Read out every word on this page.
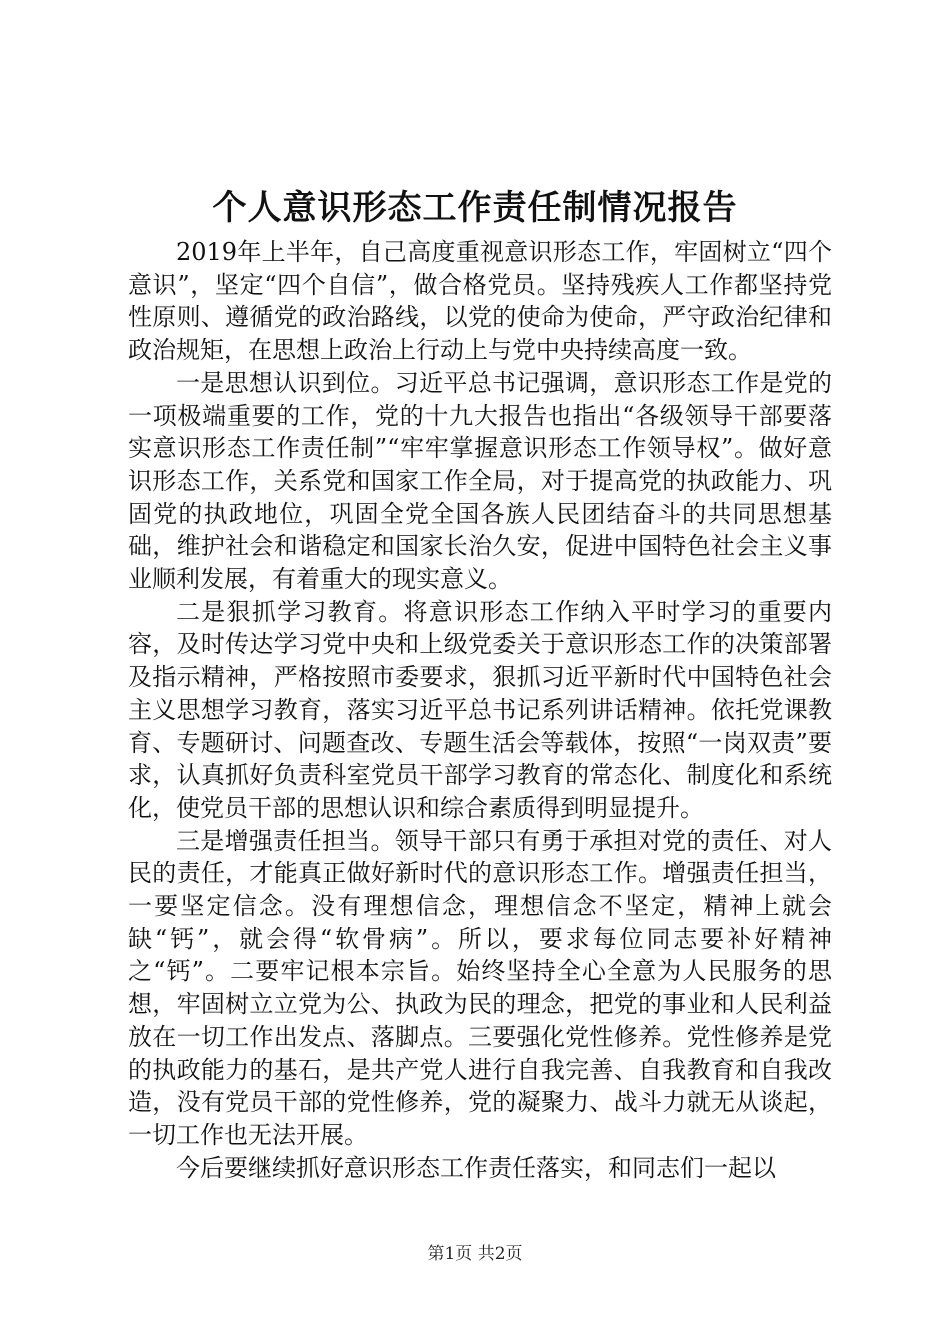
个人意识形态工作责任制情况报告

2019年上半年，自己高度重视意识形态工作，牢固树立“四个意识”，坚定“四个自信”，做合格党员。坚持残疾人工作都坚持党性原则、遵循党的政治路线，以党的使命为使命，严守政治纪律和政治规矩，在思想上政治上行动上与党中央持续高度一致。

一是思想认识到位。习近平总书记强调，意识形态工作是党的一项极端重要的工作，党的十九大报告也指出“各级领导干部要落实意识形态工作责任制”“牢牢掌握意识形态工作领导权”。做好意识形态工作，关系党和国家工作全局，对于提高党的执政能力、巩固党的执政地位，巩固全党全国各族人民团结奋斗的共同思想基础，维护社会和谐稳定和国家长治久安，促进中国特色社会主义事业顺利发展，有着重大的现实意义。

二是狠抓学习教育。将意识形态工作纳入平时学习的重要内容，及时传达学习党中央和上级党委关于意识形态工作的决策部署及指示精神，严格按照市委要求，狠抓习近平新时代中国特色社会主义思想学习教育，落实习近平总书记系列讲话精神。依托党课教育、专题研讨、问题查改、专题生活会等载体，按照“一岗双责”要求，认真抓好负责科室党员干部学习教育的常态化、制度化和系统化，使党员干部的思想认识和综合素质得到明显提升。

三是增强责任担当。领导干部只有勇于承担对党的责任、对人民的责任，才能真正做好新时代的意识形态工作。增强责任担当，一要坚定信念。没有理想信念，理想信念不坚定，精神上就会缺“钙”，就会得“软骨病”。所以，要求每位同志要补好精神之“钙”。二要牢记根本宗旨。始终坚持全心全意为人民服务的思想，牢固树立立党为公、执政为民的理念，把党的事业和人民利益放在一切工作出发点、落脚点。三要强化党性修养。党性修养是党的执政能力的基石，是共产党人进行自我完善、自我教育和自我改造，没有党员干部的党性修养，党的凝聚力、战斗力就无从谈起，一切工作也无法开展。

今后要继续抓好意识形态工作责任落实，和同志们一起以

第1页 共2页
